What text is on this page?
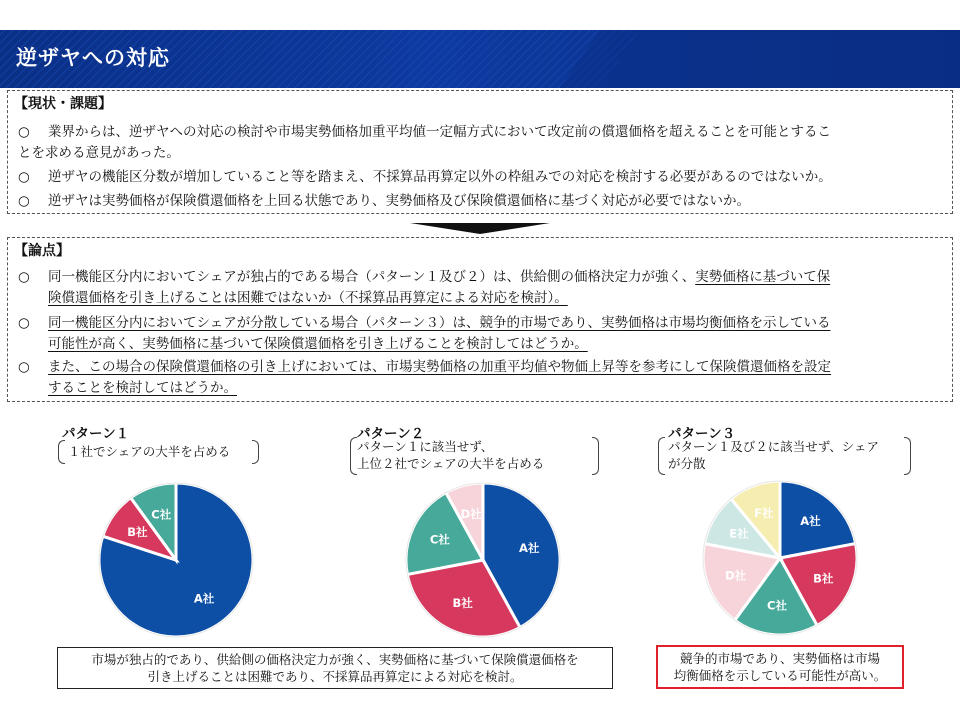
逆ザヤへの対応
【現状・課題】
○	業界からは、逆ザヤへの対応の検討や市場実勢価格加重平均値一定幅方式において改定前の償還価格を超えることを可能とするこ
とを求める意見があった。
○	逆ザヤの機能区分数が増加していること等を踏まえ、不採算品再算定以外の枠組みでの対応を検討する必要があるのではないか。
○	逆ザヤは実勢価格が保険償還価格を上回る状態であり、実勢価格及び保険償還価格に基づく対応が必要ではないか。
【論点】
○	同一機能区分内においてシェアが独占的である場合（パターン１及び２）は、供給側の価格決定力が強く、実勢価格に基づいて保
険償還価格を引き上げることは困難ではないか（不採算品再算定による対応を検討）。
○	同一機能区分内においてシェアが分散している場合（パターン３）は、競争的市場であり、実勢価格は市場均衡価格を示している
可能性が高く、実勢価格に基づいて保険償還価格を引き上げることを検討してはどうか。
○	また、この場合の保険償還価格の引き上げにおいては、市場実勢価格の加重平均値や物価上昇等を参考にして保険償還価格を設定
することを検討してはどうか。
パターン１
１社でシェアの大半を占める
パターン２
パターン１に該当せず、
上位２社でシェアの大半を占める
パターン３
パターン１及び２に該当せず、シェア
が分散
A社
B社
C社
A社
B社
C社
D社
A社
B社
C社
D社
E社
F社
市場が独占的であり、供給側の価格決定力が強く、実勢価格に基づいて保険償還価格を
引き上げることは困難であり、不採算品再算定による対応を検討。
競争的市場であり、実勢価格は市場
均衡価格を示している可能性が高い。
